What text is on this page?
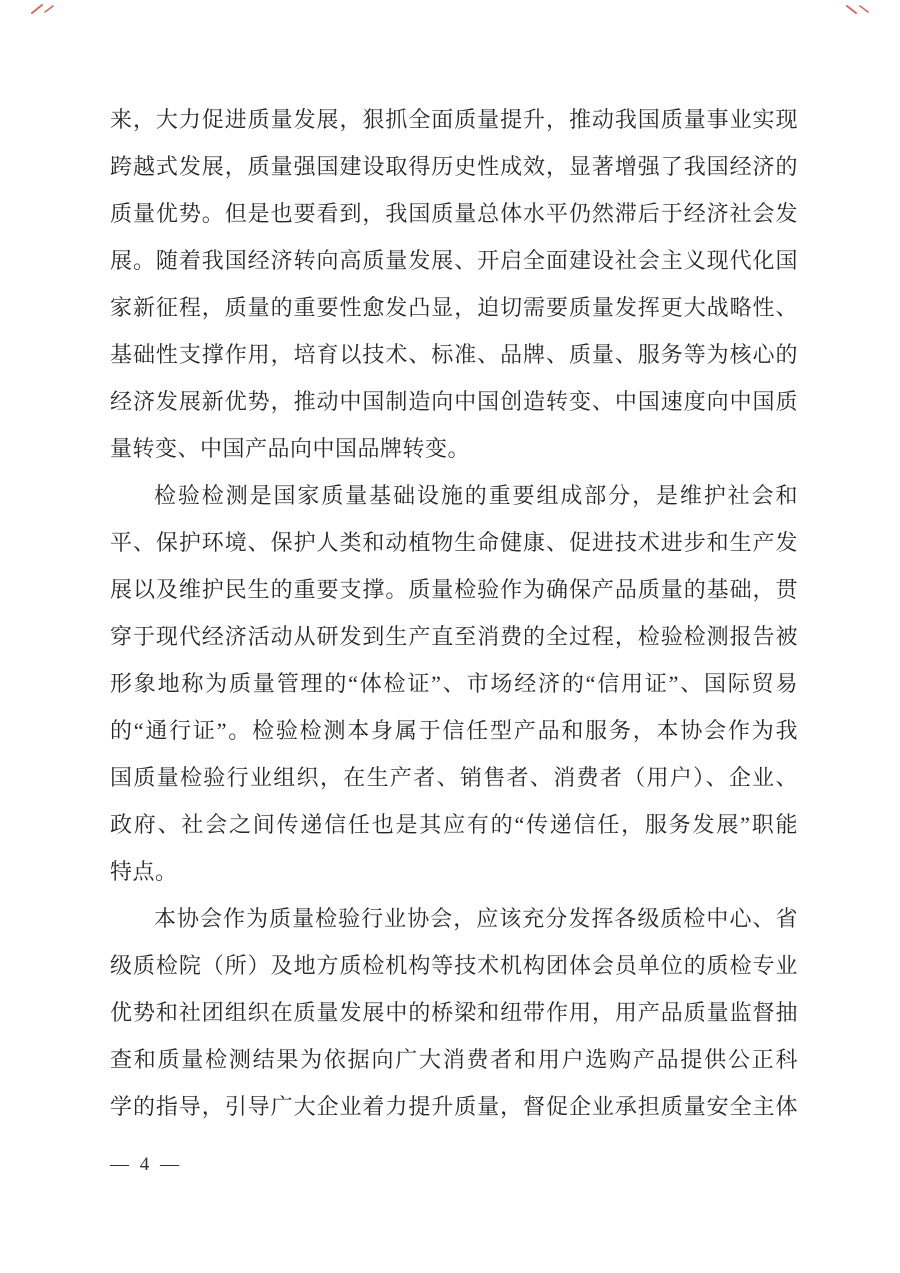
来，大力促进质量发展，狠抓全面质量提升，推动我国质量事业实现
跨越式发展，质量强国建设取得历史性成效，显著增强了我国经济的
质量优势。但是也要看到，我国质量总体水平仍然滞后于经济社会发
展。随着我国经济转向高质量发展、开启全面建设社会主义现代化国
家新征程，质量的重要性愈发凸显，迫切需要质量发挥更大战略性、
基础性支撑作用，培育以技术、标准、品牌、质量、服务等为核心的
经济发展新优势，推动中国制造向中国创造转变、中国速度向中国质
量转变、中国产品向中国品牌转变。
检验检测是国家质量基础设施的重要组成部分，是维护社会和
平、保护环境、保护人类和动植物生命健康、促进技术进步和生产发
展以及维护民生的重要支撑。质量检验作为确保产品质量的基础，贯
穿于现代经济活动从研发到生产直至消费的全过程，检验检测报告被
形象地称为质量管理的“体检证”、市场经济的“信用证”、国际贸易
的“通行证”。检验检测本身属于信任型产品和服务，本协会作为我
国质量检验行业组织，在生产者、销售者、消费者（用户）、企业、
政府、社会之间传递信任也是其应有的“传递信任，服务发展”职能
特点。
本协会作为质量检验行业协会，应该充分发挥各级质检中心、省
级质检院（所）及地方质检机构等技术机构团体会员单位的质检专业
优势和社团组织在质量发展中的桥梁和纽带作用，用产品质量监督抽
查和质量检测结果为依据向广大消费者和用户选购产品提供公正科
学的指导，引导广大企业着力提升质量，督促企业承担质量安全主体
— 4 —
